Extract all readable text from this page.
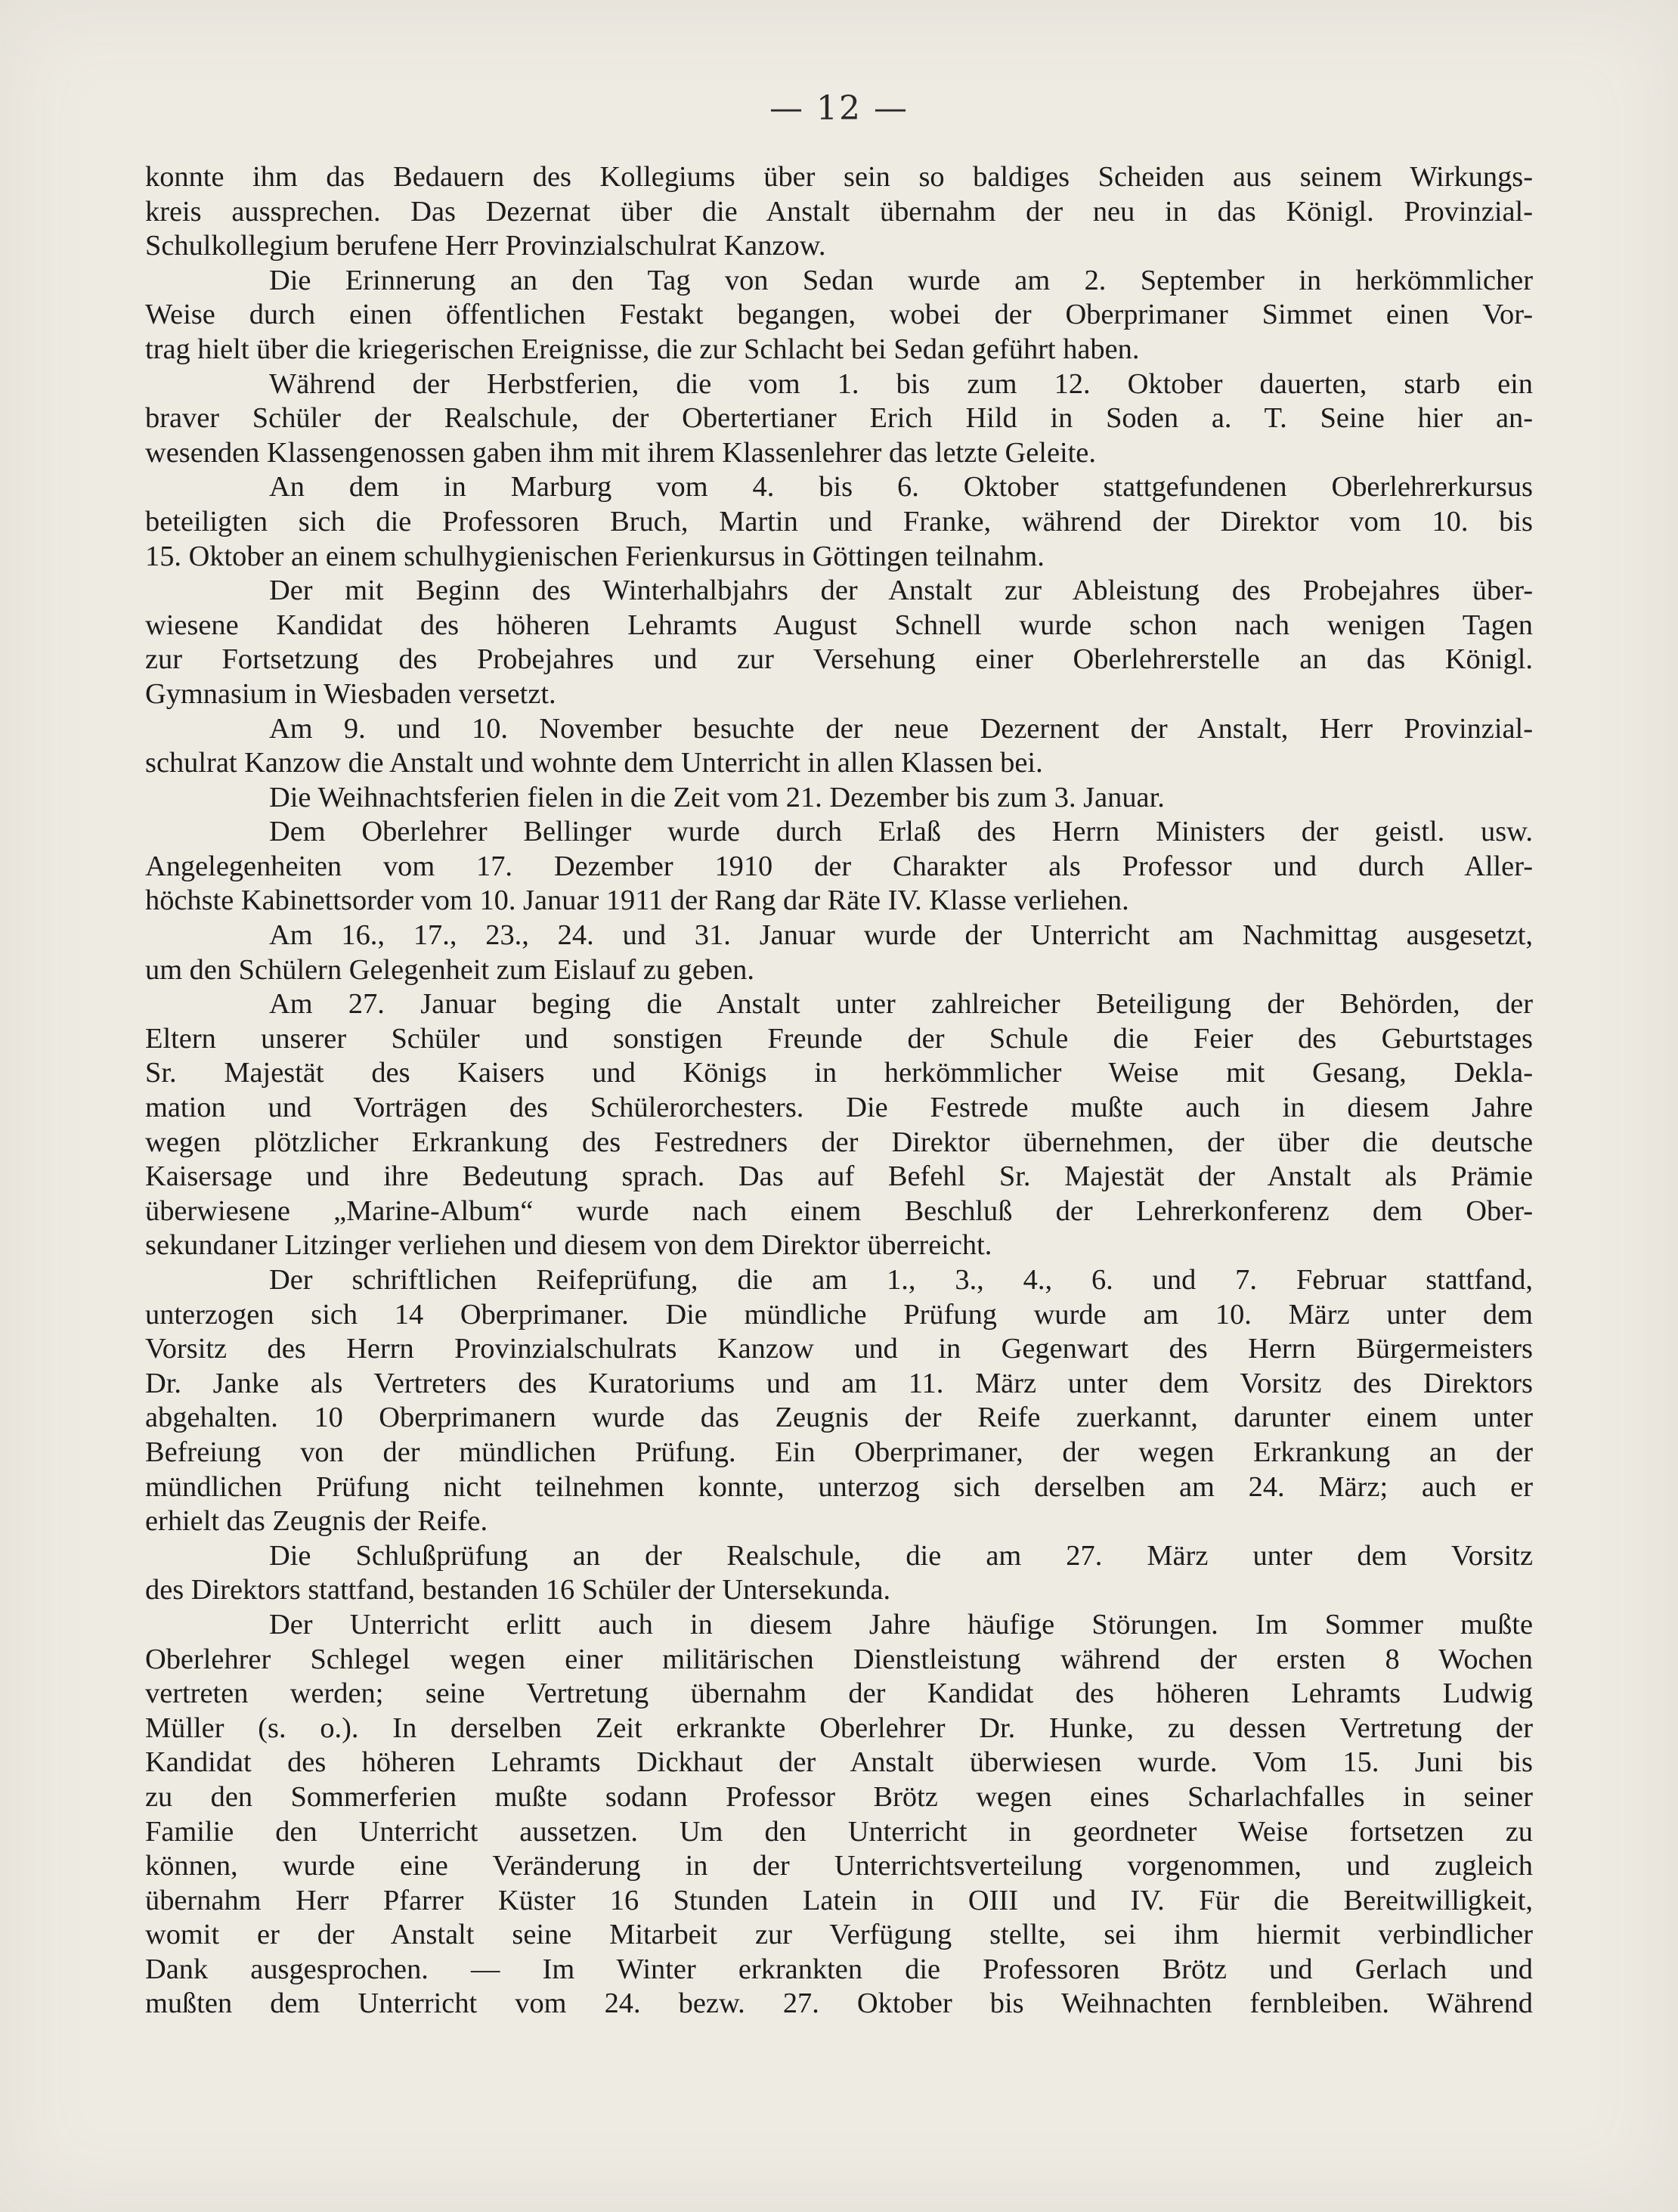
— 12 —
konnte ihm das Bedauern des Kollegiums über sein so baldiges Scheiden aus seinem Wirkungs-
kreis aussprechen. Das Dezernat über die Anstalt übernahm der neu in das Königl. Provinzial-
Schulkollegium berufene Herr Provinzialschulrat Kanzow.
Die Erinnerung an den Tag von Sedan wurde am 2. September in herkömmlicher
Weise durch einen öffentlichen Festakt begangen, wobei der Oberprimaner Simmet einen Vor-
trag hielt über die kriegerischen Ereignisse, die zur Schlacht bei Sedan geführt haben.
Während der Herbstferien, die vom 1. bis zum 12. Oktober dauerten, starb ein
braver Schüler der Realschule, der Obertertianer Erich Hild in Soden a. T. Seine hier an-
wesenden Klassengenossen gaben ihm mit ihrem Klassenlehrer das letzte Geleite.
An dem in Marburg vom 4. bis 6. Oktober stattgefundenen Oberlehrerkursus
beteiligten sich die Professoren Bruch, Martin und Franke, während der Direktor vom 10. bis
15. Oktober an einem schulhygienischen Ferienkursus in Göttingen teilnahm.
Der mit Beginn des Winterhalbjahrs der Anstalt zur Ableistung des Probejahres über-
wiesene Kandidat des höheren Lehramts August Schnell wurde schon nach wenigen Tagen
zur Fortsetzung des Probejahres und zur Versehung einer Oberlehrerstelle an das Königl.
Gymnasium in Wiesbaden versetzt.
Am 9. und 10. November besuchte der neue Dezernent der Anstalt, Herr Provinzial-
schulrat Kanzow die Anstalt und wohnte dem Unterricht in allen Klassen bei.
Die Weihnachtsferien fielen in die Zeit vom 21. Dezember bis zum 3. Januar.
Dem Oberlehrer Bellinger wurde durch Erlaß des Herrn Ministers der geistl. usw.
Angelegenheiten vom 17. Dezember 1910 der Charakter als Professor und durch Aller-
höchste Kabinettsorder vom 10. Januar 1911 der Rang dar Räte IV. Klasse verliehen.
Am 16., 17., 23., 24. und 31. Januar wurde der Unterricht am Nachmittag ausgesetzt,
um den Schülern Gelegenheit zum Eislauf zu geben.
Am 27. Januar beging die Anstalt unter zahlreicher Beteiligung der Behörden, der
Eltern unserer Schüler und sonstigen Freunde der Schule die Feier des Geburtstages
Sr. Majestät des Kaisers und Königs in herkömmlicher Weise mit Gesang, Dekla-
mation und Vorträgen des Schülerorchesters. Die Festrede mußte auch in diesem Jahre
wegen plötzlicher Erkrankung des Festredners der Direktor übernehmen, der über die deutsche
Kaisersage und ihre Bedeutung sprach. Das auf Befehl Sr. Majestät der Anstalt als Prämie
überwiesene „Marine-Album“ wurde nach einem Beschluß der Lehrerkonferenz dem Ober-
sekundaner Litzinger verliehen und diesem von dem Direktor überreicht.
Der schriftlichen Reifeprüfung, die am 1., 3., 4., 6. und 7. Februar stattfand,
unterzogen sich 14 Oberprimaner. Die mündliche Prüfung wurde am 10. März unter dem
Vorsitz des Herrn Provinzialschulrats Kanzow und in Gegenwart des Herrn Bürgermeisters
Dr. Janke als Vertreters des Kuratoriums und am 11. März unter dem Vorsitz des Direktors
abgehalten. 10 Oberprimanern wurde das Zeugnis der Reife zuerkannt, darunter einem unter
Befreiung von der mündlichen Prüfung. Ein Oberprimaner, der wegen Erkrankung an der
mündlichen Prüfung nicht teilnehmen konnte, unterzog sich derselben am 24. März; auch er
erhielt das Zeugnis der Reife.
Die Schlußprüfung an der Realschule, die am 27. März unter dem Vorsitz
des Direktors stattfand, bestanden 16 Schüler der Untersekunda.
Der Unterricht erlitt auch in diesem Jahre häufige Störungen. Im Sommer mußte
Oberlehrer Schlegel wegen einer militärischen Dienstleistung während der ersten 8 Wochen
vertreten werden; seine Vertretung übernahm der Kandidat des höheren Lehramts Ludwig
Müller (s. o.). In derselben Zeit erkrankte Oberlehrer Dr. Hunke, zu dessen Vertretung der
Kandidat des höheren Lehramts Dickhaut der Anstalt überwiesen wurde. Vom 15. Juni bis
zu den Sommerferien mußte sodann Professor Brötz wegen eines Scharlachfalles in seiner
Familie den Unterricht aussetzen. Um den Unterricht in geordneter Weise fortsetzen zu
können, wurde eine Veränderung in der Unterrichtsverteilung vorgenommen, und zugleich
übernahm Herr Pfarrer Küster 16 Stunden Latein in OIII und IV. Für die Bereitwilligkeit,
womit er der Anstalt seine Mitarbeit zur Verfügung stellte, sei ihm hiermit verbindlicher
Dank ausgesprochen. — Im Winter erkrankten die Professoren Brötz und Gerlach und
mußten dem Unterricht vom 24. bezw. 27. Oktober bis Weihnachten fernbleiben. Während
